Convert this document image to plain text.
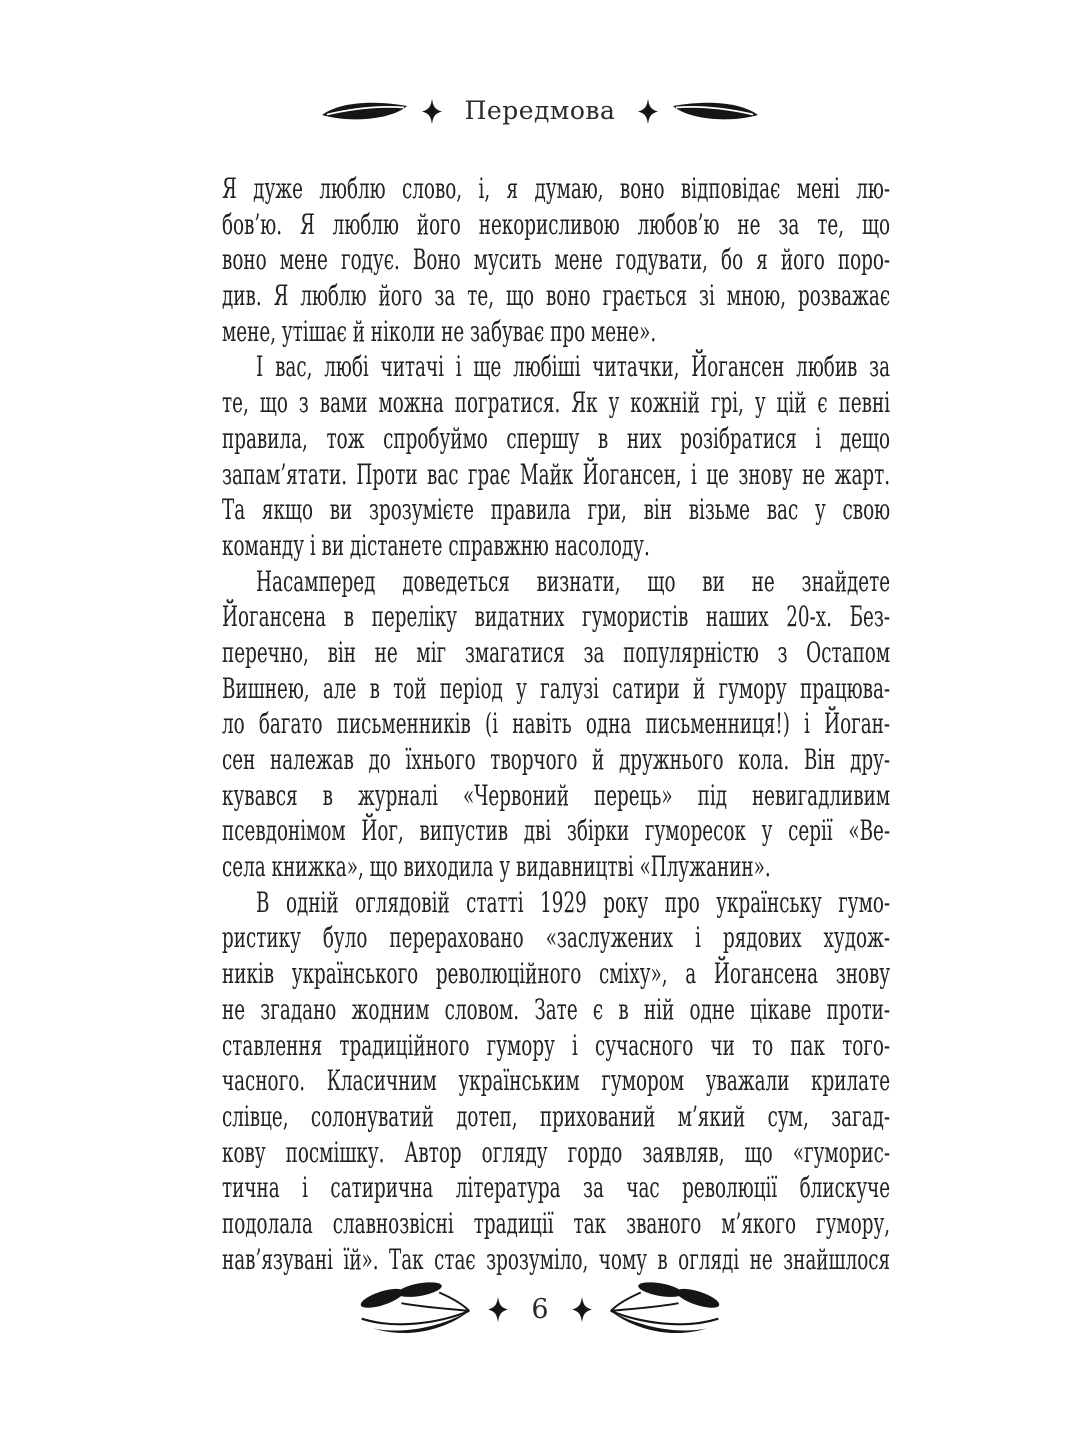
Передмова
Я дуже люблю слово, і, я думаю, воно відповідає мені лю-
бов’ю. Я люблю його некорисливою любов’ю не за те, що
воно мене годує. Воно мусить мене годувати, бо я його поро-
див. Я люблю його за те, що воно грається зі мною, розважає
мене, утішає й ніколи не забуває про мене».
І вас, любі читачі і ще любіші читачки, Йогансен любив за
те, що з вами можна погратися. Як у кожній грі, у цій є певні
правила, тож спробуймо спершу в них розібратися і дещо
запам’ятати. Проти вас грає Майк Йогансен, і це знову не жарт.
Та якщо ви зрозумієте правила гри, він візьме вас у свою
команду і ви дістанете справжню насолоду.
Насамперед доведеться визнати, що ви не знайдете
Йогансена в переліку видатних гумористів наших 20-х. Без-
перечно, він не міг змагатися за популярністю з Остапом
Вишнею, але в той період у галузі сатири й гумору працюва-
ло багато письменників (і навіть одна письменниця!) і Йоган-
сен належав до їхнього творчого й дружнього кола. Він дру-
кувався в журналі «Червоний перець» під невигадливим
псевдонімом Йог, випустив дві збірки гуморесок у серії «Ве-
села книжка», що виходила у видавництві «Плужанин».
В одній оглядовій статті 1929 року про українську гумо-
ристику було перераховано «заслужених і рядових худож-
ників українського революційного сміху», а Йогансена знову
не згадано жодним словом. Зате є в ній одне цікаве проти-
ставлення традиційного гумору і сучасного чи то пак того-
часного. Класичним українським гумором уважали крилате
слівце, солонуватий дотеп, прихований м’який сум, загад-
кову посмішку. Автор огляду гордо заявляв, що «гуморис-
тична і сатирична література за час революції блискуче
подолала славнозвісні традиції так званого м’якого гумору,
нав’язувані їй». Так стає зрозуміло, чому в огляді не знайшлося
6
